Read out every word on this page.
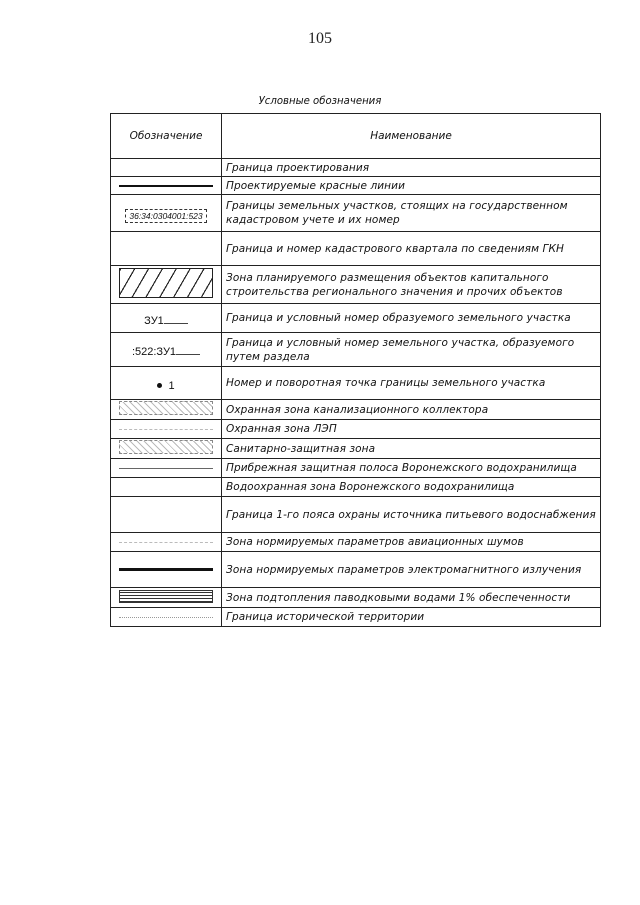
105
Условные обозначения
Обозначение	Наименование
	Граница проектирования

	Проектируемые красные линии
36:34:0304001:523	Границы земельных участков, стоящих на государственном кадастровом учете и их номер
	Граница и номер кадастрового квартала по сведениям ГКН
	Зона планируемого размещения объектов капитального строительства регионального значения и прочих объектов
ЗУ1	Граница и условный номер образуемого земельного участка
:522:ЗУ1	Граница и условный номер земельного участка, образуемого путем раздела
1	Номер и поворотная точка границы земельного участка
	Охранная зона канализационного коллектора

	Охранная зона ЛЭП
	Санитарно-защитная зона

	Прибрежная защитная полоса Воронежского водохранилища
	Водоохранная зона Воронежского водохранилища
	Граница 1-го пояса охраны источника питьевого водоснабжения

	Зона нормируемых параметров авиационных шумов

	Зона нормируемых параметров электромагнитного излучения
	Зона подтопления паводковыми водами 1% обеспеченности

	Граница исторической территории
